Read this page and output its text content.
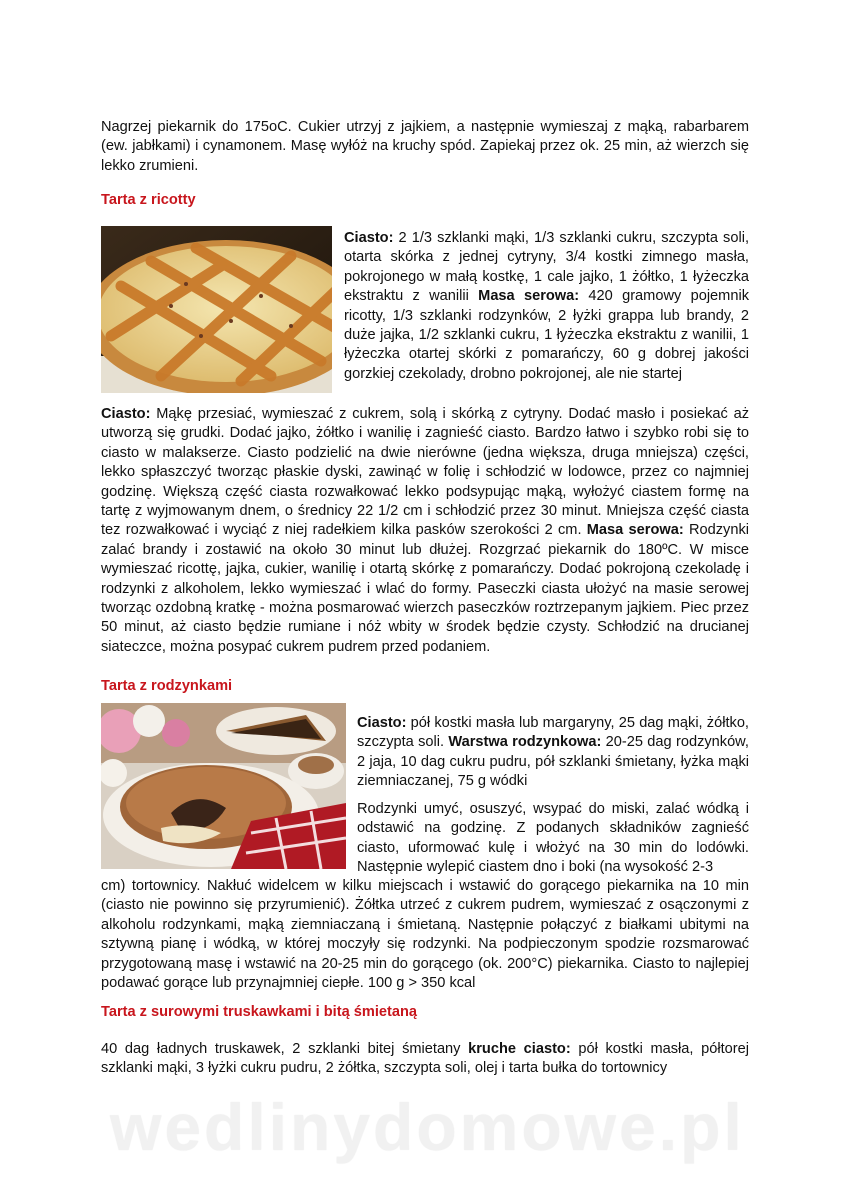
Nagrzej piekarnik do 175oC. Cukier utrzyj z jajkiem, a następnie wymieszaj z mąką, rabarbarem (ew. jabłkami) i cynamonem. Masę wyłóż na kruchy spód. Zapiekaj przez ok. 25 min, aż wierzch się lekko zrumieni.

Tarta z ricotty

Ciasto: 2 1/3 szklanki mąki, 1/3 szklanki cukru, szczypta soli, otarta skórka z jednej cytryny, 3/4 kostki zimnego masła, pokrojonego w małą kostkę, 1 cale jajko, 1 żółtko, 1 łyżeczka ekstraktu z wanilii Masa serowa: 420 gramowy pojemnik ricotty, 1/3 szklanki rodzynków, 2 łyżki grappa lub brandy, 2 duże jajka, 1/2 szklanki cukru, 1 łyżeczka ekstraktu z wanilii, 1 łyżeczka otartej skórki z pomarańczy, 60 g dobrej jakości gorzkiej czekolady, drobno pokrojonej, ale nie startej

Ciasto: Mąkę przesiać, wymieszać z cukrem, solą i skórką z cytryny. Dodać masło i posiekać aż utworzą się grudki. Dodać jajko, żółtko i wanilię i zagnieść ciasto. Bardzo łatwo i szybko robi się to ciasto w malakserze. Ciasto podzielić na dwie nierówne (jedna większa, druga mniejsza) części, lekko spłaszczyć tworząc płaskie dyski, zawinąć w folię i schłodzić w lodowce, przez co najmniej godzinę. Większą część ciasta rozwałkować lekko podsypując mąką, wyłożyć ciastem formę na tartę z wyjmowanym dnem, o średnicy 22 1/2 cm i schłodzić przez 30 minut. Mniejsza część ciasta tez rozwałkować i wyciąć z niej radełkiem kilka pasków szerokości 2 cm. Masa serowa: Rodzynki zalać brandy i zostawić na około 30 minut lub dłużej. Rozgrzać piekarnik do 180ºC. W misce wymieszać ricottę, jajka, cukier, wanilię i otartą skórkę z pomarańczy. Dodać pokrojoną czekoladę i rodzynki z alkoholem, lekko wymieszać i wlać do formy. Paseczki ciasta ułożyć na masie serowej tworząc ozdobną kratkę - można posmarować wierzch paseczków roztrzepanym jajkiem. Piec przez 50 minut, aż ciasto będzie rumiane i nóż wbity w środek będzie czysty. Schłodzić na drucianej siateczce, można posypać cukrem pudrem przed podaniem.

Tarta z rodzynkami

Ciasto: pół kostki masła lub margaryny, 25 dag mąki, żółtko, szczypta soli. Warstwa rodzynkowa: 20-25 dag rodzynków, 2 jaja, 10 dag cukru pudru, pół szklanki śmietany, łyżka mąki ziemniaczanej, 75 g wódki

Rodzynki umyć, osuszyć, wsypać do miski, zalać wódką i odstawić na godzinę. Z podanych składników zagnieść ciasto, uformować kulę i włożyć na 30 min do lodówki. Następnie wylepić ciastem dno i boki (na wysokość 2-3

cm) tortownicy. Nakłuć widelcem w kilku miejscach i wstawić do gorącego piekarnika na 10 min (ciasto nie powinno się przyrumienić). Żółtka utrzeć z cukrem pudrem, wymieszać z osączonymi z alkoholu rodzynkami, mąką ziemniaczaną i śmietaną. Następnie połączyć z białkami ubitymi na sztywną pianę i wódką, w której moczyły się rodzynki. Na podpieczonym spodzie rozsmarować przygotowaną masę i wstawić na 20-25 min do gorącego (ok. 200°C) piekarnika. Ciasto to najlepiej podawać gorące lub przynajmniej ciepłe. 100 g > 350 kcal

Tarta z surowymi truskawkami i bitą śmietaną

40 dag ładnych truskawek, 2 szklanki bitej śmietany kruche ciasto: pół kostki masła, półtorej szklanki mąki, 3 łyżki cukru pudru, 2 żółtka, szczypta soli, olej i tarta bułka do tortownicy

wedlinydomowe.pl
